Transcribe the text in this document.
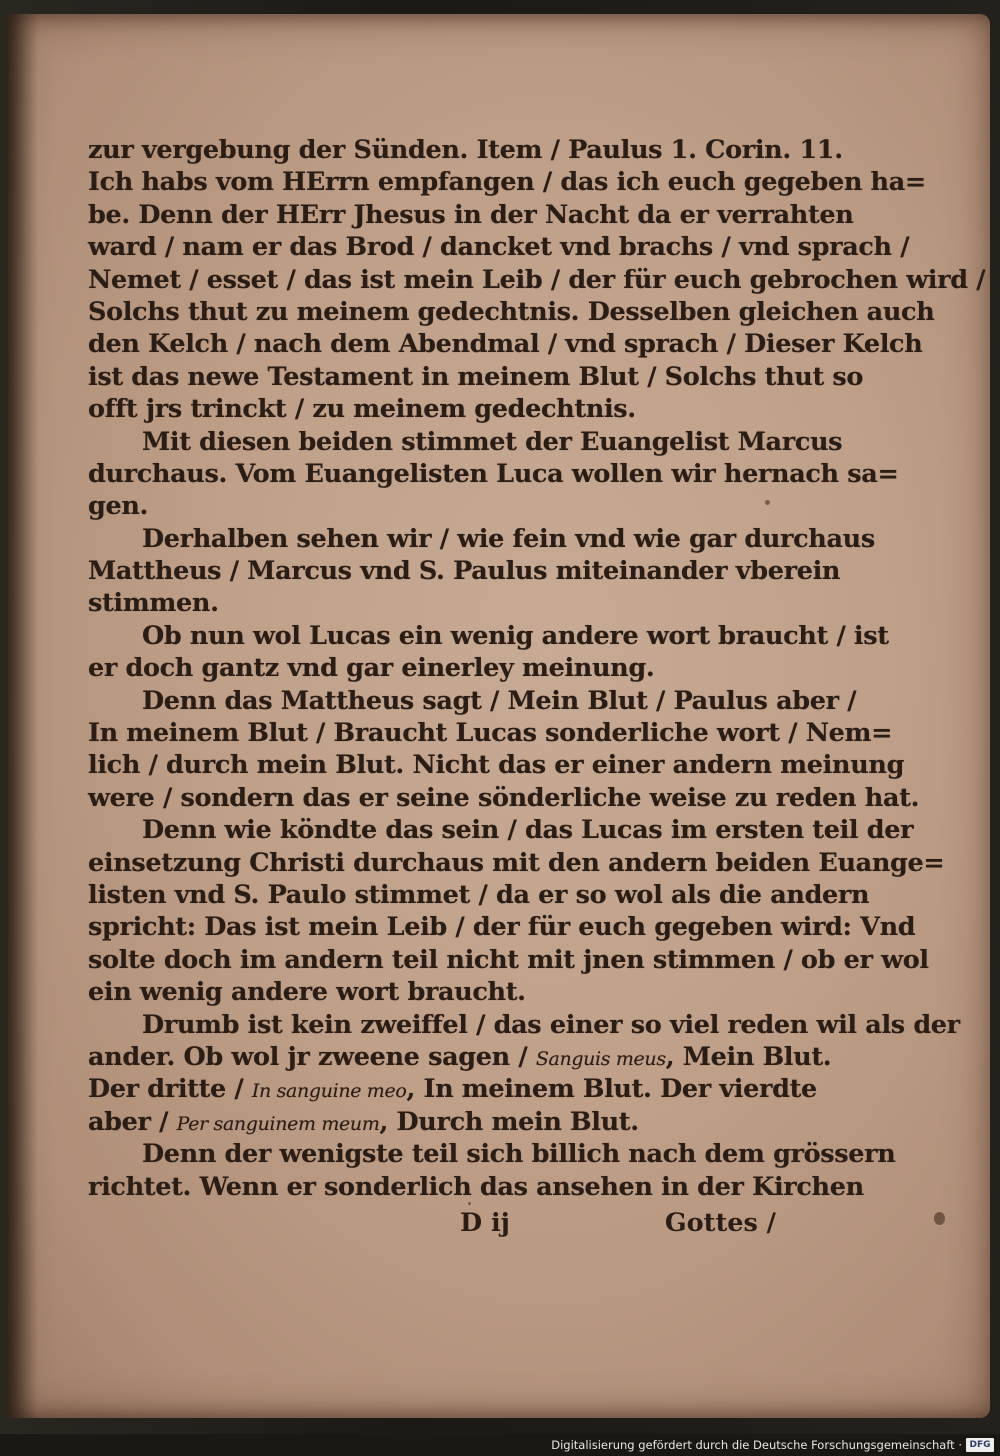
zur vergebung der Sünden. Item / Paulus 1. Corin. 11.
Ich habs vom HErrn empfangen / das ich euch gegeben ha=
be. Denn der HErr Jhesus in der Nacht da er verrahten
ward / nam er das Brod / dancket vnd brachs / vnd sprach /
Nemet / esset / das ist mein Leib / der für euch gebrochen wird /
Solchs thut zu meinem gedechtnis. Desselben gleichen auch
den Kelch / nach dem Abendmal / vnd sprach / Dieser Kelch
ist das newe Testament in meinem Blut / Solchs thut so
offt jrs trinckt / zu meinem gedechtnis.
Mit diesen beiden stimmet der Euangelist Marcus
durchaus. Vom Euangelisten Luca wollen wir hernach sa=
gen.
Derhalben sehen wir / wie fein vnd wie gar durchaus
Mattheus / Marcus vnd S. Paulus miteinander vberein
stimmen.
Ob nun wol Lucas ein wenig andere wort braucht / ist
er doch gantz vnd gar einerley meinung.
Denn das Mattheus sagt / Mein Blut / Paulus aber /
In meinem Blut / Braucht Lucas sonderliche wort / Nem=
lich / durch mein Blut. Nicht das er einer andern meinung
were / sondern das er seine sönderliche weise zu reden hat.
Denn wie köndte das sein / das Lucas im ersten teil der
einsetzung Christi durchaus mit den andern beiden Euange=
listen vnd S. Paulo stimmet / da er so wol als die andern
spricht: Das ist mein Leib / der für euch gegeben wird: Vnd
solte doch im andern teil nicht mit jnen stimmen / ob er wol
ein wenig andere wort braucht.
Drumb ist kein zweiffel / das einer so viel reden wil als der
ander. Ob wol jr zweene sagen / Sanguis meus, Mein Blut.
Der dritte / In sanguine meo, In meinem Blut. Der vierdte
aber / Per sanguinem meum, Durch mein Blut.
Denn der wenigste teil sich billich nach dem grössern
richtet. Wenn er sonderlich das ansehen in der Kirchen
D ij	Gottes /
Digitalisierung gefördert durch die Deutsche Forschungsgemeinschaft · DFG
